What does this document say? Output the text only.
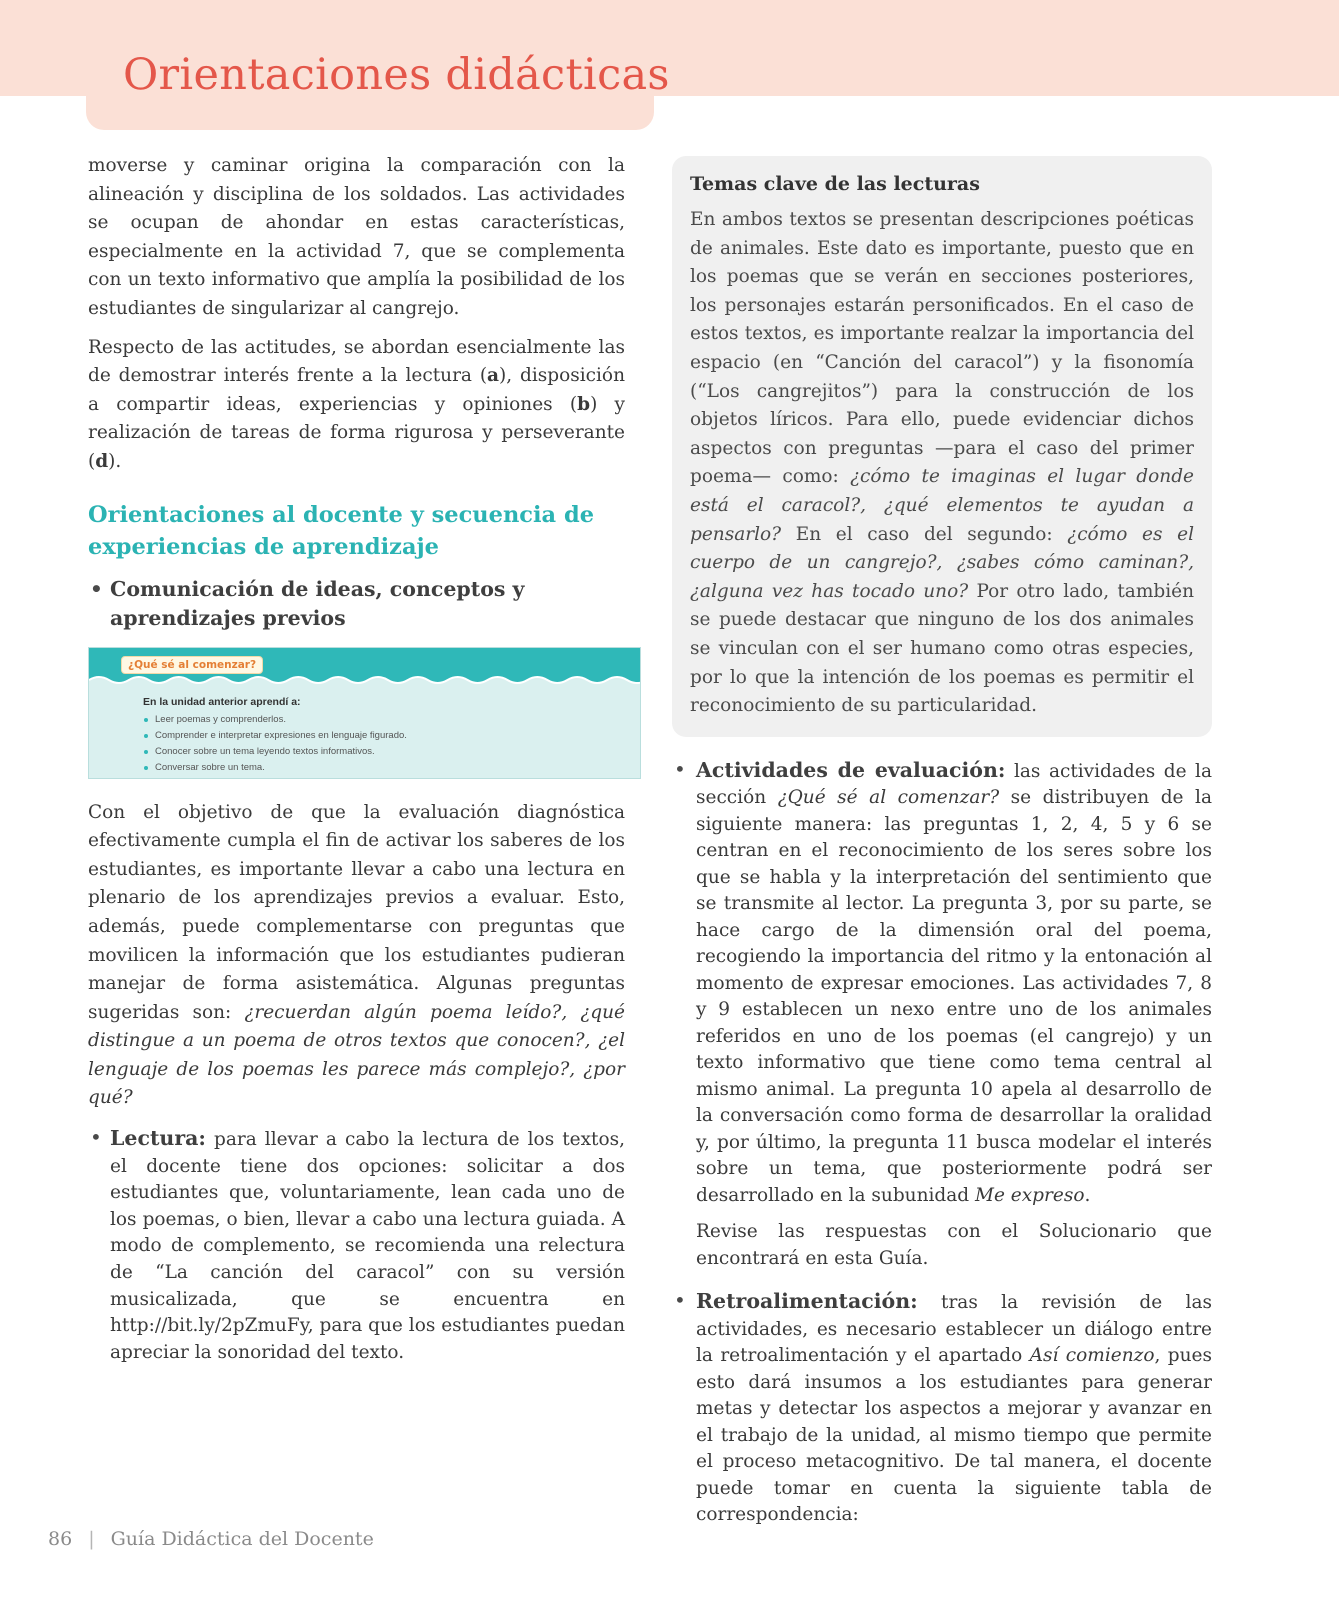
Orientaciones didácticas

moverse y caminar origina la comparación con la alineación y disciplina de los soldados. Las actividades se ocupan de ahondar en estas características, especialmente en la actividad 7, que se complementa con un texto informativo que amplía la posibilidad de los estudiantes de singularizar al cangrejo.

Respecto de las actitudes, se abordan esencialmente las de demostrar interés frente a la lectura (a), disposición a compartir ideas, experiencias y opiniones (b) y realización de tareas de forma rigurosa y perseverante (d).

Orientaciones al docente y secuencia de experiencias de aprendizaje
• Comunicación de ideas, conceptos y aprendizajes previos
¿Qué sé al comenzar?
En la unidad anterior aprendí a:
Leer poemas y comprenderlos.
Comprender e interpretar expresiones en lenguaje figurado.
Conocer sobre un tema leyendo textos informativos.
Conversar sobre un tema.

Con el objetivo de que la evaluación diagnóstica efectivamente cumpla el fin de activar los saberes de los estudiantes, es importante llevar a cabo una lectura en plenario de los aprendizajes previos a evaluar. Esto, además, puede complementarse con preguntas que movilicen la información que los estudiantes pudieran manejar de forma asistemática. Algunas preguntas sugeridas son: ¿recuerdan algún poema leído?, ¿qué distingue a un poema de otros textos que conocen?, ¿el lenguaje de los poemas les parece más complejo?, ¿por qué?

• Lectura: para llevar a cabo la lectura de los textos, el docente tiene dos opciones: solicitar a dos estudiantes que, voluntariamente, lean cada uno de los poemas, o bien, llevar a cabo una lectura guiada. A modo de complemento, se recomienda una relectura de “La canción del caracol” con su versión musicalizada, que se encuentra en http://bit.ly/2pZmuFy, para que los estudiantes puedan apreciar la sonoridad del texto.

Temas clave de las lecturas

En ambos textos se presentan descripciones poéticas de animales. Este dato es importante, puesto que en los poemas que se verán en secciones posteriores, los personajes estarán personificados. En el caso de estos textos, es importante realzar la importancia del espacio (en “Canción del caracol”) y la fisonomía (“Los cangrejitos”) para la construcción de los objetos líricos. Para ello, puede evidenciar dichos aspectos con preguntas —para el caso del primer poema— como: ¿cómo te imaginas el lugar donde está el caracol?, ¿qué elementos te ayudan a pensarlo? En el caso del segundo: ¿cómo es el cuerpo de un cangrejo?, ¿sabes cómo caminan?, ¿alguna vez has tocado uno? Por otro lado, también se puede destacar que ninguno de los dos animales se vinculan con el ser humano como otras especies, por lo que la intención de los poemas es permitir el reconocimiento de su particularidad.

• Actividades de evaluación: las actividades de la sección ¿Qué sé al comenzar? se distribuyen de la siguiente manera: las preguntas 1, 2, 4, 5 y 6 se centran en el reconocimiento de los seres sobre los que se habla y la interpretación del sentimiento que se transmite al lector. La pregunta 3, por su parte, se hace cargo de la dimensión oral del poema, recogiendo la importancia del ritmo y la entonación al momento de expresar emociones. Las actividades 7, 8 y 9 establecen un nexo entre uno de los animales referidos en uno de los poemas (el cangrejo) y un texto informativo que tiene como tema central al mismo animal. La pregunta 10 apela al desarrollo de la conversación como forma de desarrollar la oralidad y, por último, la pregunta 11 busca modelar el interés sobre un tema, que posteriormente podrá ser desarrollado en la subunidad Me expreso.

Revise las respuestas con el Solucionario que encontrará en esta Guía.

• Retroalimentación: tras la revisión de las actividades, es necesario establecer un diálogo entre la retroalimentación y el apartado Así comienzo, pues esto dará insumos a los estudiantes para generar metas y detectar los aspectos a mejorar y avanzar en el trabajo de la unidad, al mismo tiempo que permite el proceso metacognitivo. De tal manera, el docente puede tomar en cuenta la siguiente tabla de correspondencia:

86 | Guía Didáctica del Docente
